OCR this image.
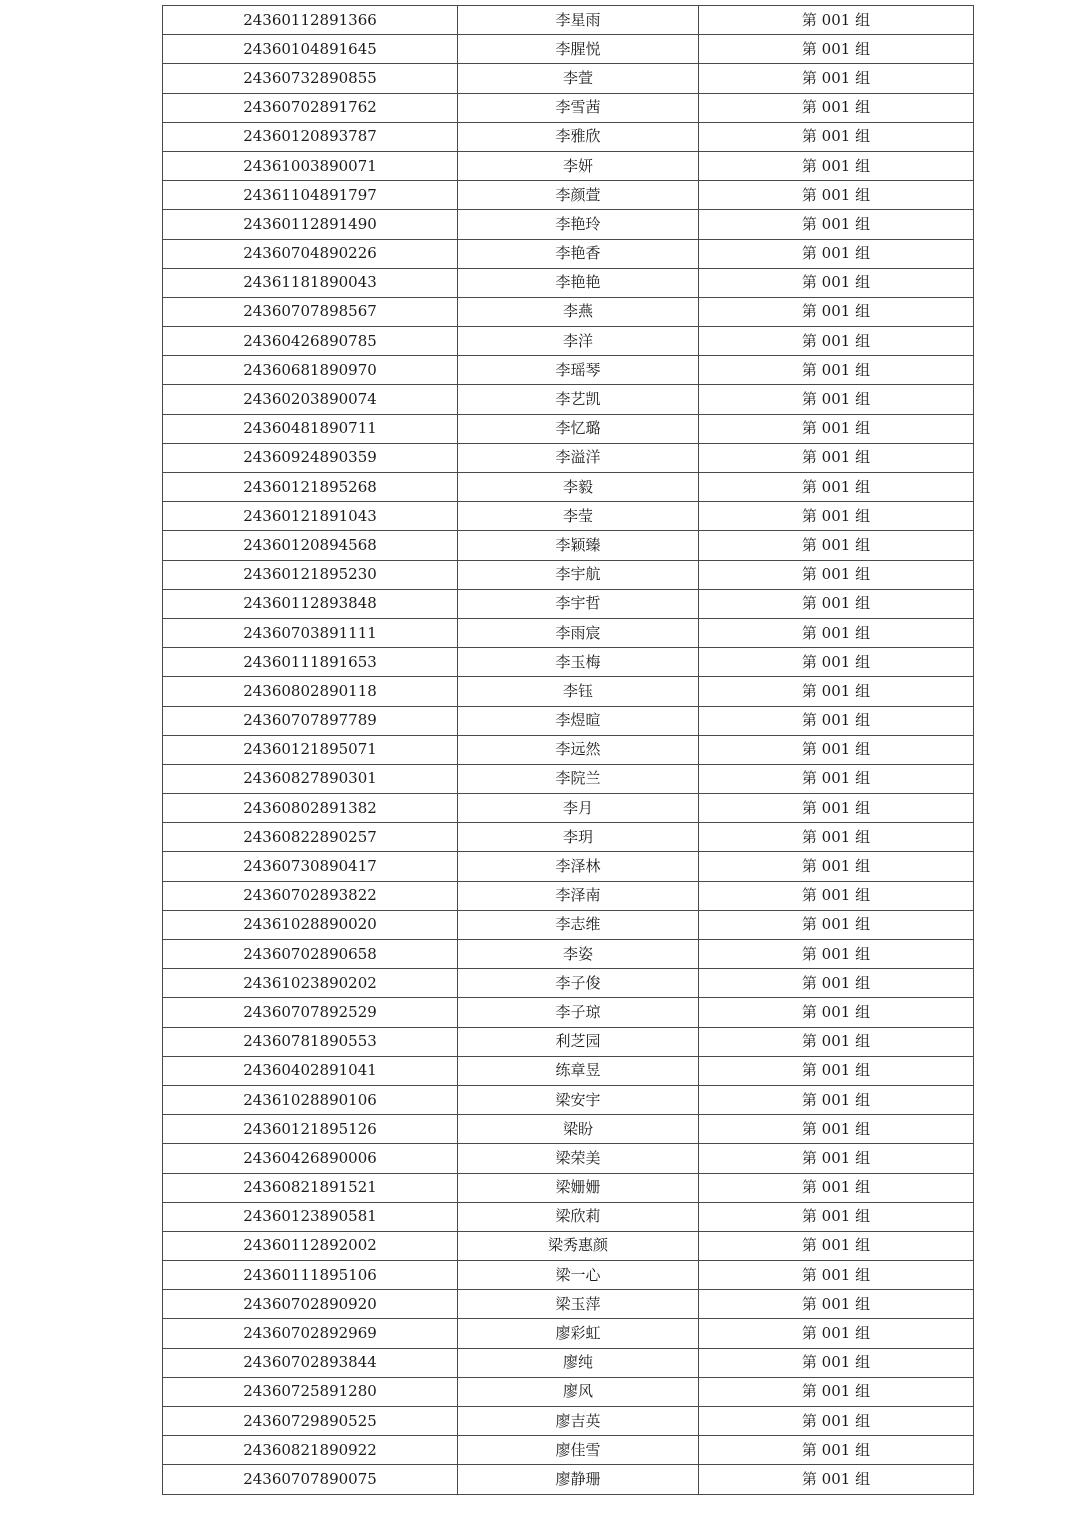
24360112891366	李星雨	第 001 组
24360104891645	李腥悦	第 001 组
24360732890855	李萱	第 001 组
24360702891762	李雪茜	第 001 组
24360120893787	李雅欣	第 001 组
24361003890071	李妍	第 001 组
24361104891797	李颜萱	第 001 组
24360112891490	李艳玲	第 001 组
24360704890226	李艳香	第 001 组
24361181890043	李艳艳	第 001 组
24360707898567	李燕	第 001 组
24360426890785	李洋	第 001 组
24360681890970	李瑶琴	第 001 组
24360203890074	李艺凯	第 001 组
24360481890711	李忆璐	第 001 组
24360924890359	李溢洋	第 001 组
24360121895268	李毅	第 001 组
24360121891043	李莹	第 001 组
24360120894568	李颖臻	第 001 组
24360121895230	李宇航	第 001 组
24360112893848	李宇哲	第 001 组
24360703891111	李雨宸	第 001 组
24360111891653	李玉梅	第 001 组
24360802890118	李钰	第 001 组
24360707897789	李煜暄	第 001 组
24360121895071	李远然	第 001 组
24360827890301	李院兰	第 001 组
24360802891382	李月	第 001 组
24360822890257	李玥	第 001 组
24360730890417	李泽林	第 001 组
24360702893822	李泽南	第 001 组
24361028890020	李志维	第 001 组
24360702890658	李姿	第 001 组
24361023890202	李子俊	第 001 组
24360707892529	李子琼	第 001 组
24360781890553	利芝园	第 001 组
24360402891041	练章昱	第 001 组
24361028890106	梁安宇	第 001 组
24360121895126	梁盼	第 001 组
24360426890006	梁荣美	第 001 组
24360821891521	梁姗姗	第 001 组
24360123890581	梁欣莉	第 001 组
24360112892002	梁秀惠颜	第 001 组
24360111895106	梁一心	第 001 组
24360702890920	梁玉萍	第 001 组
24360702892969	廖彩虹	第 001 组
24360702893844	廖纯	第 001 组
24360725891280	廖风	第 001 组
24360729890525	廖吉英	第 001 组
24360821890922	廖佳雪	第 001 组
24360707890075	廖静珊	第 001 组
